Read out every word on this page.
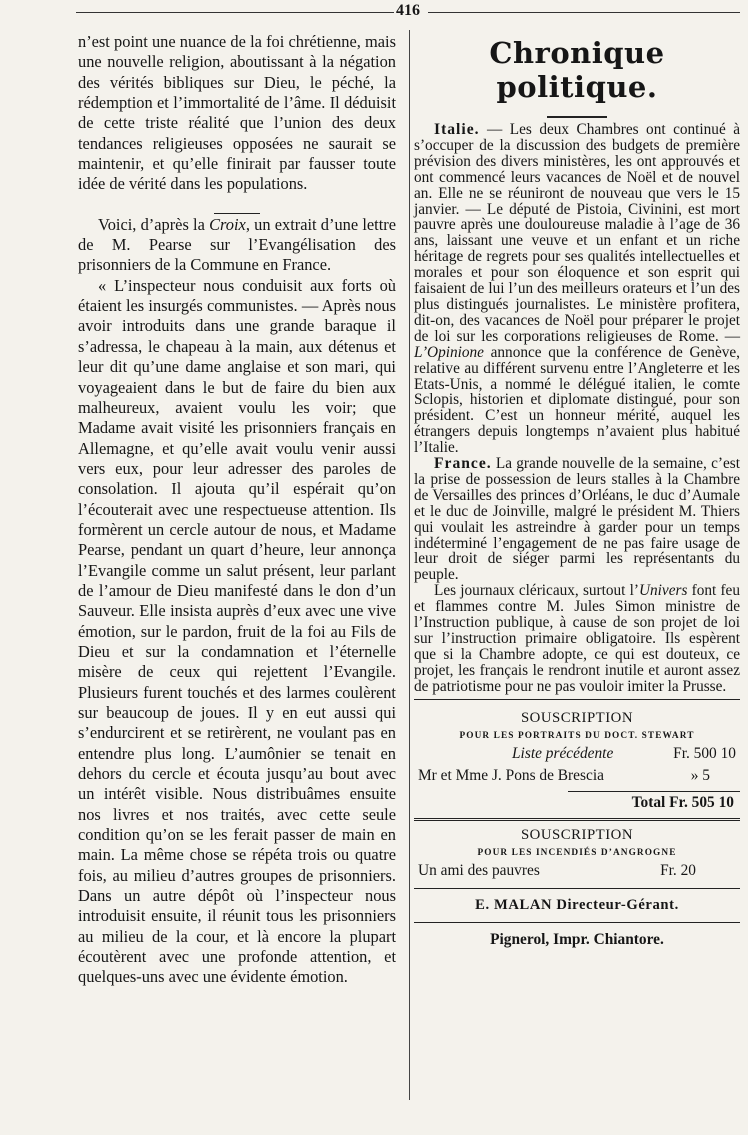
416

n’est point une nuance de la foi chrétienne, mais une nouvelle religion, aboutissant à la négation des vérités bibliques sur Dieu, le péché, la rédemption et l’immortalité de l’âme. Il déduisit de cette triste réalité que l’union des deux tendances religieuses opposées ne saurait se maintenir, et qu’elle finirait par fausser toute idée de vérité dans les populations.

Voici, d’après la Croix, un extrait d’une lettre de M. Pearse sur l’Evangélisation des prisonniers de la Commune en France.

« L’inspecteur nous conduisit aux forts où étaient les insurgés communistes. — Après nous avoir introduits dans une grande baraque il s’adressa, le chapeau à la main, aux détenus et leur dit qu’une dame anglaise et son mari, qui voyageaient dans le but de faire du bien aux malheureux, avaient voulu les voir; que Madame avait visité les prisonniers français en Allemagne, et qu’elle avait voulu venir aussi vers eux, pour leur adresser des paroles de consolation. Il ajouta qu’il espérait qu’on l’écouterait avec une respectueuse attention. Ils formèrent un cercle autour de nous, et Madame Pearse, pendant un quart d’heure, leur annonça l’Evangile comme un salut présent, leur parlant de l’amour de Dieu manifesté dans le don d’un Sauveur. Elle insista auprès d’eux avec une vive émotion, sur le pardon, fruit de la foi au Fils de Dieu et sur la condamnation et l’éternelle misère de ceux qui rejettent l’Evangile. Plusieurs furent touchés et des larmes coulèrent sur beaucoup de joues. Il y en eut aussi qui s’endurcirent et se retirèrent, ne voulant pas en entendre plus long. L’aumônier se tenait en dehors du cercle et écouta jusqu’au bout avec un intérêt visible. Nous distribuâmes ensuite nos livres et nos traités, avec cette seule condition qu’on se les ferait passer de main en main. La même chose se répéta trois ou quatre fois, au milieu d’autres groupes de prisonniers. Dans un autre dépôt où l’inspecteur nous introduisit ensuite, il réunit tous les prisonniers au milieu de la cour, et là encore la plupart écoutèrent avec une profonde attention, et quelques-uns avec une évidente émotion.

Chronique politique.

Italie. — Les deux Chambres ont continué à s’occuper de la discussion des budgets de première prévision des divers ministères, les ont approuvés et ont commencé leurs vacances de Noël et de nouvel an. Elle ne se réuniront de nouveau que vers le 15 janvier. — Le député de Pistoia, Civinini, est mort pauvre après une douloureuse maladie à l’age de 36 ans, laissant une veuve et un enfant et un riche héritage de regrets pour ses qualités intellectuelles et morales et pour son éloquence et son esprit qui faisaient de lui l’un des meilleurs orateurs et l’un des plus distingués journalistes. Le ministère profitera, dit-on, des vacances de Noël pour préparer le projet de loi sur les corporations religieuses de Rome. — L’Opinione annonce que la conférence de Genève, relative au différent survenu entre l’Angleterre et les Etats-Unis, a nommé le délégué italien, le comte Sclopis, historien et diplomate distingué, pour son président. C’est un honneur mérité, auquel les étrangers depuis longtemps n’avaient plus habitué l’Italie.

France. La grande nouvelle de la semaine, c’est la prise de possession de leurs stalles à la Chambre de Versailles des princes d’Orléans, le duc d’Aumale et le duc de Joinville, malgré le président M. Thiers qui voulait les astreindre à garder pour un temps indéterminé l’engagement de ne pas faire usage de leur droit de siéger parmi les représentants du peuple.

Les journaux cléricaux, surtout l’Univers font feu et flammes contre M. Jules Simon ministre de l’Instruction publique, à cause de son projet de loi sur l’instruction primaire obligatoire. Ils espèrent que si la Chambre adopte, ce qui est douteux, ce projet, les français le rendront inutile et auront assez de patriotisme pour ne pas vouloir imiter la Prusse.

SOUSCRIPTION
POUR LES PORTRAITS DU DOCT. STEWART
Liste précédente	Fr. 500 10
Mr et Mme J. Pons de Brescia	» 5
Total Fr. 505 10
SOUSCRIPTION
POUR LES INCENDIÉS D’ANGROGNE
Un ami des pauvres	Fr. 20
E. MALAN Directeur-Gérant.
Pignerol, Impr. Chiantore.
